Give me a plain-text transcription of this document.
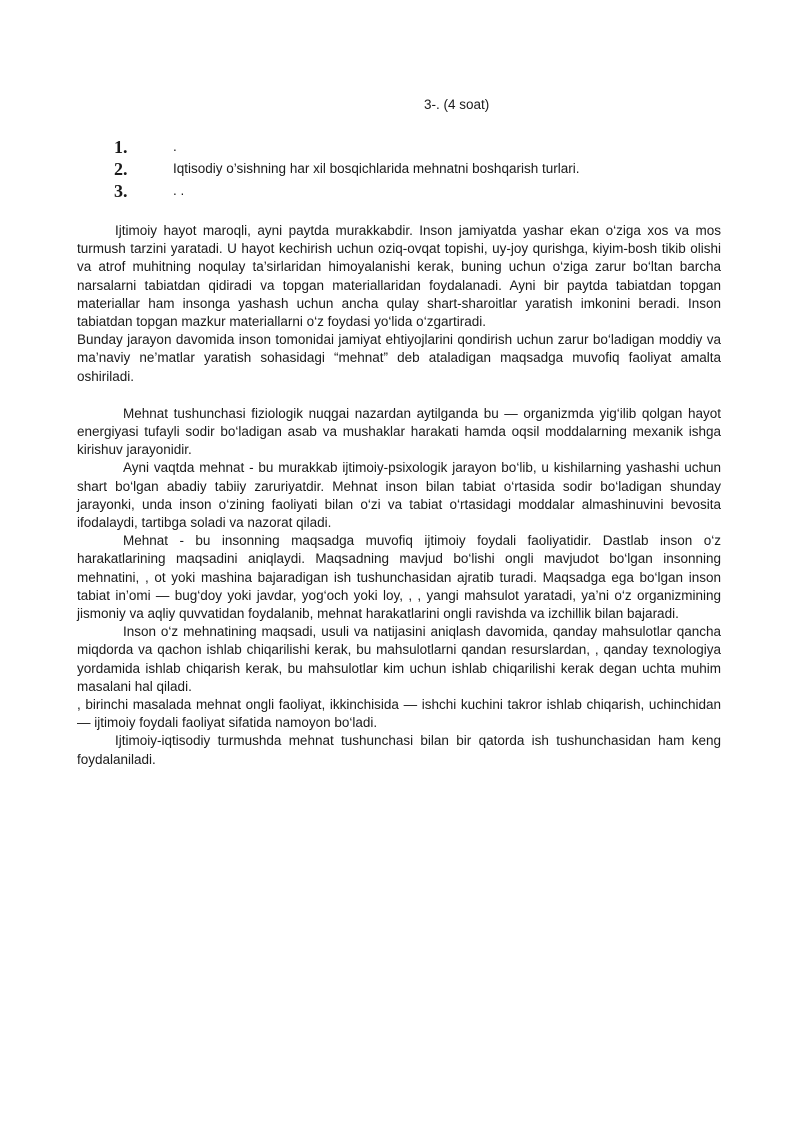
3-. (4 soat)
1.	.
2.	Iqtisodiy o’sishning har xil bosqichlarida mehnatni boshqarish turlari.
3.	. .

Ijtimoiy hayot maroqli, ayni paytda murakkabdir. Inson jamiyatda yashar ekan o‘ziga xos va mos turmush tarzini yaratadi. U hayot kechirish uchun oziq-ovqat topishi, uy-joy qurishga, kiyim-bosh tikib olishi va atrof muhitning noqulay ta’sirlaridan himoyalanishi kerak, buning uchun o‘ziga zarur bo‘ltan barcha narsalarni tabiatdan qidiradi va topgan materiallaridan foydalanadi. Ayni bir paytda tabiatdan topgan materiallar ham insonga yashash uchun ancha qulay shart-sharoitlar yaratish imkonini beradi. Inson tabiatdan topgan mazkur materiallarni o‘z foydasi yo‘lida o‘zgartiradi.

Bunday jarayon davomida inson tomonidai jamiyat ehtiyojlarini qondirish uchun zarur bo‘ladigan moddiy va ma’naviy ne’matlar yaratish sohasidagi “mehnat” deb ataladigan maqsadga muvofiq faoliyat amalta oshiriladi.

Mehnat tushunchasi fiziologik nuqgai nazardan aytilganda bu — organizmda yig‘ilib qolgan hayot energiyasi tufayli sodir bo‘ladigan asab va mushaklar harakati hamda oqsil moddalarning mexanik ishga kirishuv jarayonidir.

Ayni vaqtda mehnat - bu murakkab ijtimoiy-psixologik jarayon bo‘lib, u kishilarning yashashi uchun shart bo‘lgan abadiy tabiiy zaruriyatdir. Mehnat inson bilan tabiat o‘rtasida sodir bo‘ladigan shunday jarayonki, unda inson o‘zining faoliyati bilan o‘zi va tabiat o‘rtasidagi moddalar almashinuvini bevosita ifodalaydi, tartibga soladi va nazorat qiladi.

Mehnat - bu insonning maqsadga muvofiq ijtimoiy foydali faoliyatidir. Dastlab inson o‘z harakatlarining maqsadini aniqlaydi. Maqsadning mavjud bo‘lishi ongli mavjudot bo‘lgan insonning mehnatini, , ot yoki mashina bajaradigan ish tushunchasidan ajratib turadi. Maqsadga ega bo‘lgan inson tabiat in’omi — bug‘doy yoki javdar, yog‘och yoki loy, , , yangi mahsulot yaratadi, ya’ni o‘z organizmining jismoniy va aqliy quvvatidan foydalanib, mehnat harakatlarini ongli ravishda va izchillik bilan bajaradi.

Inson o‘z mehnatining maqsadi, usuli va natijasini aniqlash davomida, qanday mahsulotlar qancha miqdorda va qachon ishlab chiqarilishi kerak, bu mahsulotlarni qandan resurslardan, , qanday texnologiya yordamida ishlab chiqarish kerak, bu mahsulotlar kim uchun ishlab chiqarilishi kerak degan uchta muhim masalani hal qiladi.

, birinchi masalada mehnat ongli faoliyat, ikkinchisida — ishchi kuchini takror ishlab chiqarish, uchinchidan — ijtimoiy foydali faoliyat sifatida namoyon bo‘ladi.

Ijtimoiy-iqtisodiy turmushda mehnat tushunchasi bilan bir qatorda ish tushunchasidan ham keng foydalaniladi.
